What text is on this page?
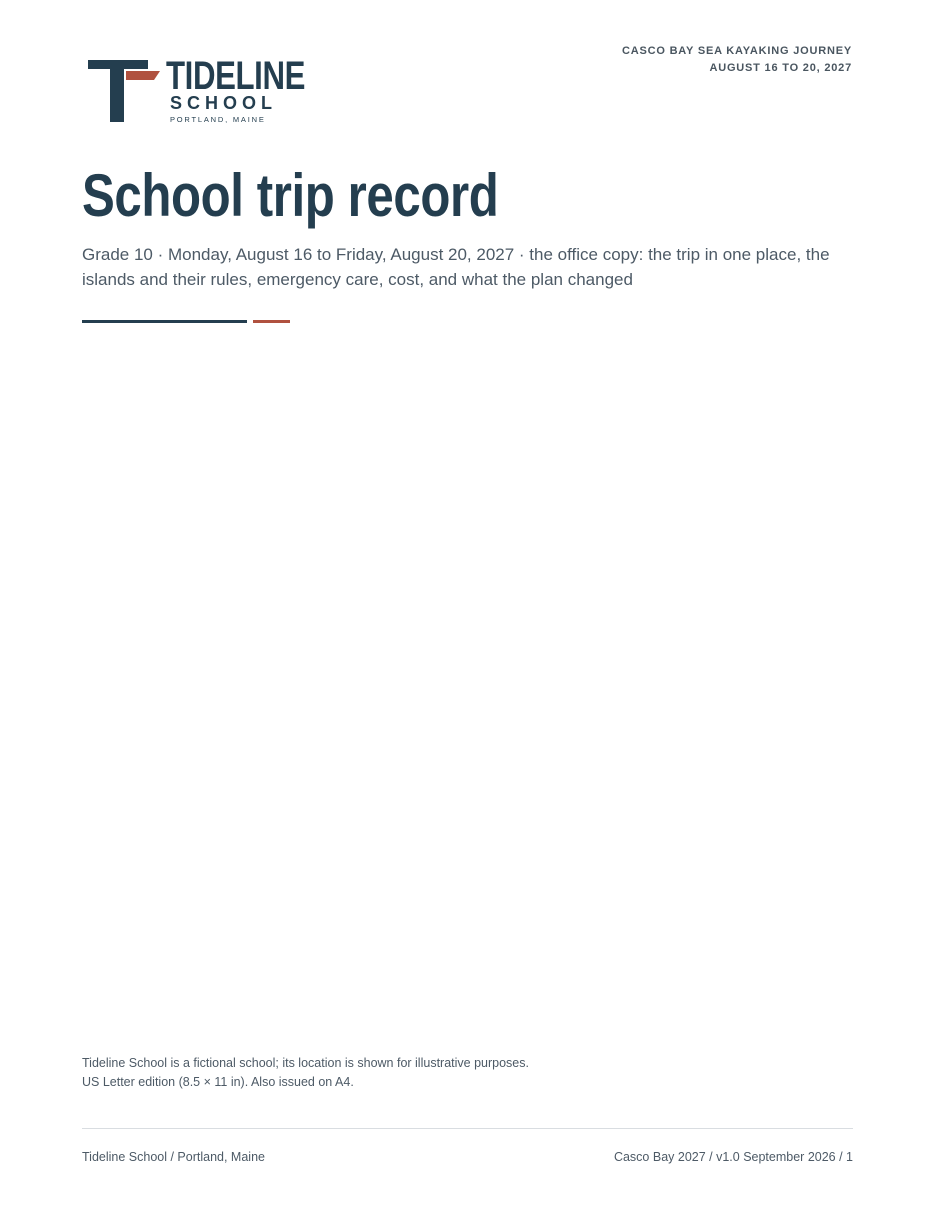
TIDELINE
SCHOOL
PORTLAND, MAINE
CASCO BAY SEA KAYAKING JOURNEY
AUGUST 16 TO 20, 2027
School trip record
Grade 10 · Monday, August 16 to Friday, August 20, 2027 · the office copy: the trip in one place, the islands and their rules, emergency care, cost, and what the plan changed
Tideline School is a fictional school; its location is shown for illustrative purposes.
US Letter edition (8.5 × 11 in). Also issued on A4.
Tideline School / Portland, Maine	Casco Bay 2027 / v1.0 September 2026 / 1
